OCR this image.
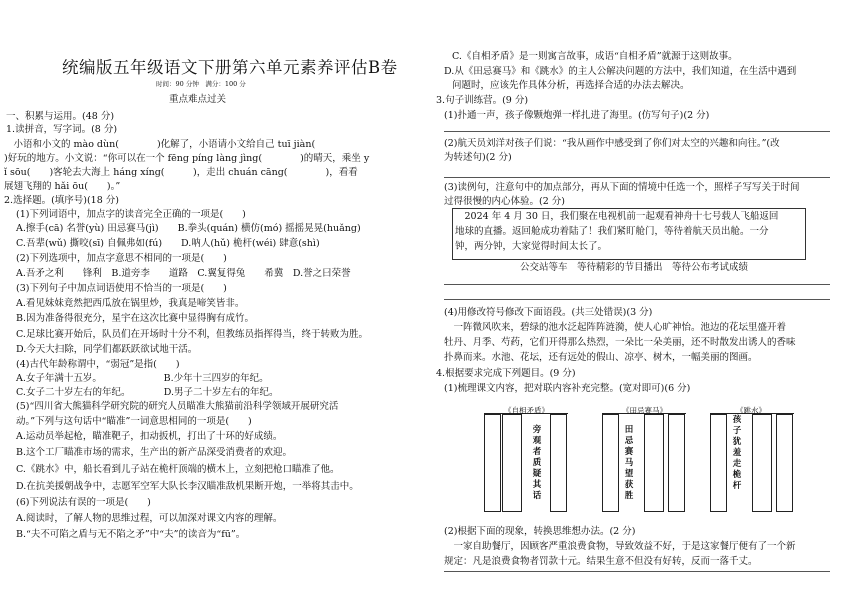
统编版五年级语文下册第六单元素养评估B卷
时间：90 分钟　满分：100 分
重点难点过关
一、积累与运用。(48 分)
1.读拼音，写字词。(8 分)
　小语和小文的 mào dùn(　　　　)化解了，小语请小文给自己 tuī jiàn(
)好玩的地方。小文说：“你可以在一个 fēng píng làng jìng(　　　　)的晴天，乘坐 y
ǐ sōu(　　)客轮去大海上 háng xíng(　　　)，走出 chuán cāng(　　　　)，看看
展翅飞翔的 hǎi ōu(　　)。”
2.选择题。(填序号)(18 分)
(1)下列词语中，加点字的读音完全正确的一项是(　　)
A.擦手(cā) 名誉(yù) 田忌赛马(jì)　　B.拳头(quán) 横仿(mó) 摇摇晃晃(huǎng)
C.吾辈(wǔ) 撕咬(sī) 自佩弗如(fú)　　D.呐人(hǔ) 桅杆(wéi) 肆意(shì)
(2)下列选项中，加点字意思不相同的一项是(　　)
A.吾矛之利　　锋利　B.道旁李　　道路　C.翼复得兔　　希冀　D.誉之曰荣誉
(3)下列句子中加点词语使用不恰当的一项是(　　)
A.看见妹妹竟然把西瓜放在锅里炒，我真是啼笑皆非。
B.因为准备得很充分，星宇在这次比赛中显得胸有成竹。
C.足球比赛开始后，队员们在开场时十分不利，但教练员指挥得当，终于转败为胜。
D.今天大扫除，同学们都跃跃欲试地干活。
(4)古代年龄称谓中，“弱冠”是指(　　)
A.女子年满十五岁。　　　　　　　B.少年十三四岁的年纪。
C.女子二十岁左右的年纪。　　　　D.男子二十岁左右的年纪。
(5)“四川省大熊猫科学研究院的研究人员瞄准大熊猫前沿科学领域开展研究活
动。”下列与这句话中“瞄准”一词意思相同的一项是(　　)
A.运动员举起枪，瞄准靶子，扣动扳机，打出了十环的好成绩。
B.这个工厂瞄准市场的需求，生产出的新产品深受消费者的欢迎。
C.《跳水》中，船长看到儿子站在桅杆顶端的横木上，立刻把枪口瞄准了他。
D.在抗美援朝战争中，志愿军空军大队长李汉瞄准敌机果断开炮，一举将其击中。
(6)下列说法有误的一项是(　　)
A.阅读时，了解人物的思维过程，可以加深对课文内容的理解。
B.“夫不可陷之盾与无不陷之矛”中“夫”的读音为“fū”。
C.《自相矛盾》是一则寓言故事，成语“自相矛盾”就源于这则故事。
D.从《田忌赛马》和《跳水》的主人公解决问题的方法中，我们知道，在生活中遇到
问题时，应该先作具体分析，再选择合适的办法去解决。
3.句子训练营。(9 分)
(1)扑通一声，孩子像颗炮弹一样扎进了海里。(仿写句子)(2 分)
(2)航天员刘洋对孩子们说：“我从画作中感受到了你们对太空的兴趣和向往。”(改
为转述句)(2 分)
(3)读例句，注意句中的加点部分，再从下面的情境中任选一个，照样子写写关于时间
过得很慢的内心体验。(2 分)
　2024 年 4 月 30 日，我们聚在电视机前一起观看神舟十七号载人飞船返回
地球的直播。返回舱成功着陆了！我们紧盯舱门，等待着航天员出舱。一分
钟，两分钟，大家觉得时间太长了。
公交站等车　等待精彩的节目播出　等待公布考试成绩
(4)用修改符号修改下面语段。(共三处错误)(3 分)
　一阵微风吹来，碧绿的池水泛起阵阵涟漪，使人心旷神怡。池边的花坛里盛开着
牡丹、月季、芍药，它们开得那么热烈，一朵比一朵美丽，还不时散发出诱人的香味
扑鼻而来。水池、花坛，还有远处的假山、凉亭、树木，一幅美丽的图画。
4.根据要求完成下列题目。(9 分)
(1)梳理课文内容，把对联内容补充完整。(宽对即可)(6 分)
《自相矛盾》
旁观者质疑其话
《田忌赛马》
田忌赛马望获胜
《跳水》
孩子犹羞走桅杆
(2)根据下面的现象，转换思维想办法。(2 分)
　一家自助餐厅，因顾客严重浪费食物，导致效益不好，于是这家餐厅便有了一个新
规定：凡是浪费食物者罚款十元。结果生意不但没有好转，反而一落千丈。
